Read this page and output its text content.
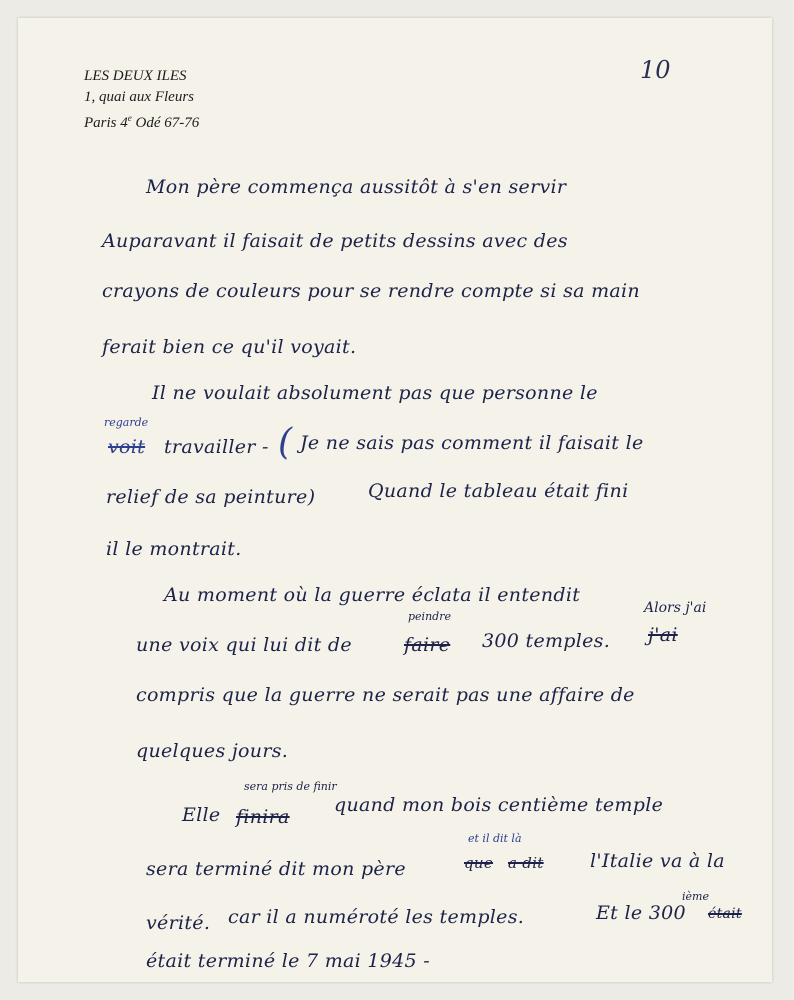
LES DEUX ILES
1, quai aux Fleurs
Paris 4e Odé 67-76
10
Mon père commença aussitôt à s'en servir
Auparavant il faisait de petits dessins avec des
crayons de couleurs pour se rendre compte si sa main
ferait bien ce qu'il voyait.
Il ne voulait absolument pas que personne le
regarde
voit travailler - ( Je ne sais pas comment il faisait le
relief de sa peinture)	Quand le tableau était fini
il le montrait.
Au moment où la guerre éclata il entendit
peindre
Alors j'ai
une voix qui lui dit de	faire 300 temples. j'ai
compris que la guerre ne serait pas une affaire de
quelques jours.
sera pris de finir
Elle finira
quand mon bois centième temple
et il dit là
sera terminé dit mon père	que a dit l'Italie va à la
vérité. car il a numéroté les temples.	Et le 300
ième
était
était terminé le 7 mai 1945 -
